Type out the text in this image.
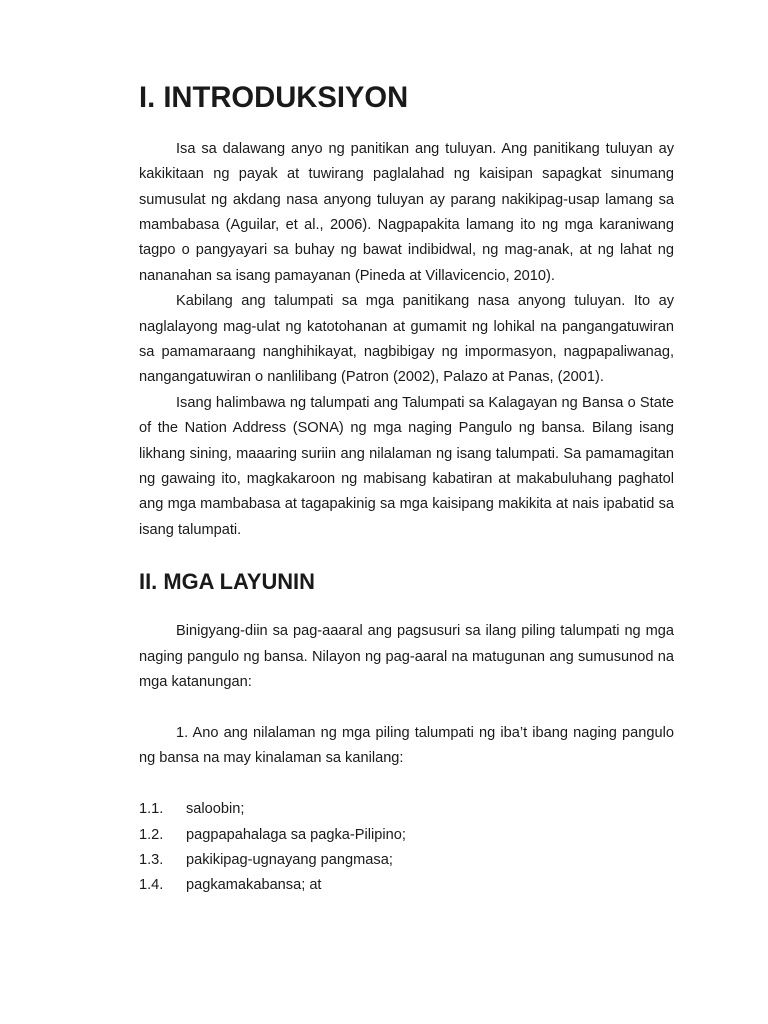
I. INTRODUKSIYON

Isa sa dalawang anyo ng panitikan ang tuluyan. Ang panitikang tuluyan ay kakikitaan ng payak at tuwirang paglalahad ng kaisipan sapagkat sinumang sumusulat ng akdang nasa anyong tuluyan ay parang nakikipag-usap lamang sa mambabasa (Aguilar, et al., 2006). Nagpapakita lamang ito ng mga karaniwang tagpo o pangyayari sa buhay ng bawat indibidwal, ng mag-anak, at ng lahat ng nananahan sa isang pamayanan (Pineda at Villavicencio, 2010).

Kabilang ang talumpati sa mga panitikang nasa anyong tuluyan. Ito ay naglalayong mag-ulat ng katotohanan at gumamit ng lohikal na pangangatuwiran sa pamamaraang nanghihikayat, nagbibigay ng impormasyon, nagpapaliwanag, nangangatuwiran o nanlilibang (Patron (2002), Palazo at Panas, (2001).

Isang halimbawa ng talumpati ang Talumpati sa Kalagayan ng Bansa o State of the Nation Address (SONA) ng mga naging Pangulo ng bansa. Bilang isang likhang sining, maaaring suriin ang nilalaman ng isang talumpati. Sa pamamagitan ng gawaing ito, magkakaroon ng mabisang kabatiran at makabuluhang paghatol ang mga mambabasa at tagapakinig sa mga kaisipang makikita at nais ipabatid sa isang talumpati.

II. MGA LAYUNIN

Binigyang-diin sa pag-aaaral ang pagsusuri sa ilang piling talumpati ng mga naging pangulo ng bansa. Nilayon ng pag-aaral na matugunan ang sumusunod na mga katanungan:

1. Ano ang nilalaman ng mga piling talumpati ng iba’t ibang naging pangulo ng bansa na may kinalaman sa kanilang:

1.1.	saloobin;
1.2.	pagpapahalaga sa pagka-Pilipino;
1.3.	pakikipag-ugnayang pangmasa;
1.4.	pagkamakabansa; at
